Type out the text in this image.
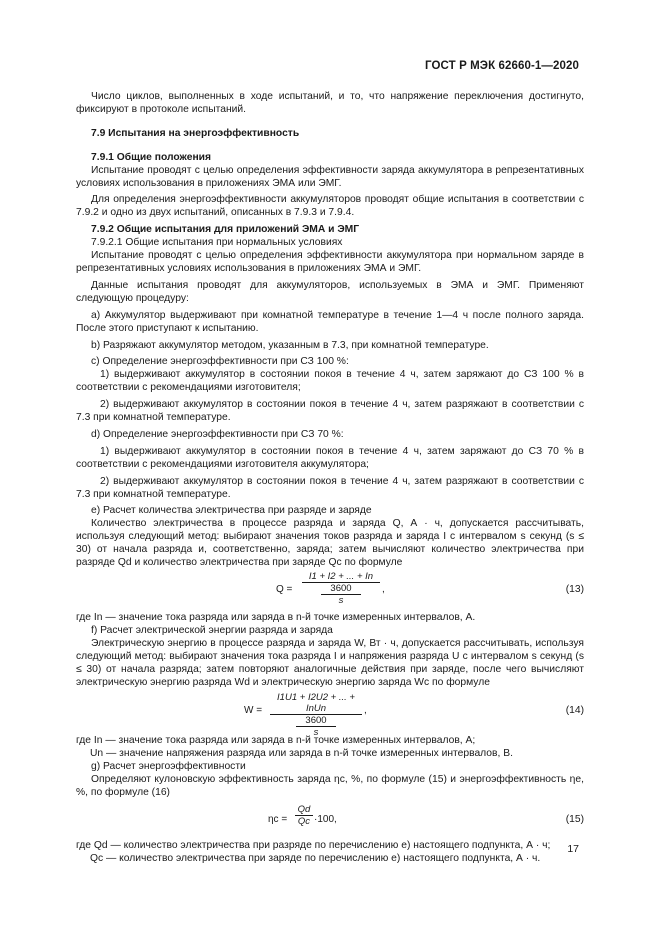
ГОСТ Р МЭК 62660-1—2020

Число циклов, выполненных в ходе испытаний, и то, что напряжение переключения достигнуто, фиксируют в протоколе испытаний.

7.9 Испытания на энергоэффективность

7.9.1 Общие положения

Испытание проводят с целью определения эффективности заряда аккумулятора в репрезентативных условиях использования в приложениях ЭМА или ЭМГ.

Для определения энергоэффективности аккумуляторов проводят общие испытания в соответствии с 7.9.2 и одно из двух испытаний, описанных в 7.9.3 и 7.9.4.

7.9.2 Общие испытания для приложений ЭМА и ЭМГ

7.9.2.1 Общие испытания при нормальных условиях

Испытание проводят с целью определения эффективности аккумулятора при нормальном заряде в репрезентативных условиях использования в приложениях ЭМА и ЭМГ.

Данные испытания проводят для аккумуляторов, используемых в ЭМА и ЭМГ. Применяют следующую процедуру:

a) Аккумулятор выдерживают при комнатной температуре в течение 1—4 ч после полного заряда. После этого приступают к испытанию.

b) Разряжают аккумулятор методом, указанным в 7.3, при комнатной температуре.

c) Определение энергоэффективности при СЗ 100 %:

1) выдерживают аккумулятор в состоянии покоя в течение 4 ч, затем заряжают до СЗ 100 % в соответствии с рекомендациями изготовителя;

2) выдерживают аккумулятор в состоянии покоя в течение 4 ч, затем разряжают в соответствии с 7.3 при комнатной температуре.

d) Определение энергоэффективности при СЗ 70 %:

1) выдерживают аккумулятор в состоянии покоя в течение 4 ч, затем заряжают до СЗ 70 % в соответствии с рекомендациями изготовителя аккумулятора;

2) выдерживают аккумулятор в состоянии покоя в течение 4 ч, затем разряжают в соответствии с 7.3 при комнатной температуре.

e) Расчет количества электричества при разряде и заряде

Количество электричества в процессе разряда и заряда Q, А · ч, допускается рассчитывать, используя следующий метод: выбирают значения токов разряда и заряда I с интервалом s секунд (s ≤ 30) от начала разряда и, соответственно, заряда; затем вычисляют количество электричества при разряде Qd и количество электричества при заряде Qc по формуле

Q =
I1 + I2 + ... + In
3600
s
,	(13)

где In — значение тока разряда или заряда в n-й точке измеренных интервалов, А.

f) Расчет электрической энергии разряда и заряда

Электрическую энергию в процессе разряда и заряда W, Вт · ч, допускается рассчитывать, используя следующий метод: выбирают значения тока разряда I и напряжения разряда U с интервалом s секунд (s ≤ 30) от начала разряда; затем повторяют аналогичные действия при заряде, после чего вычисляют электрическую энергию разряда Wd и электрическую энергию заряда Wc по формуле

W =
I1U1 + I2U2 + ... + InUn
3600
s
,	(14)

где In — значение тока разряда или заряда в n-й точке измеренных интервалов, А;

Un — значение напряжения разряда или заряда в n-й точке измеренных интервалов, В.

g) Расчет энергоэффективности

Определяют кулоновскую эффективность заряда ηc, %, по формуле (15) и энергоэффективность ηe, %, по формуле (16)

ηc =
Qd
Qc ·100,	(15)

где Qd — количество электричества при разряде по перечислению e) настоящего подпункта, А · ч;

Qc — количество электричества при заряде по перечислению e) настоящего подпункта, А · ч.

17
